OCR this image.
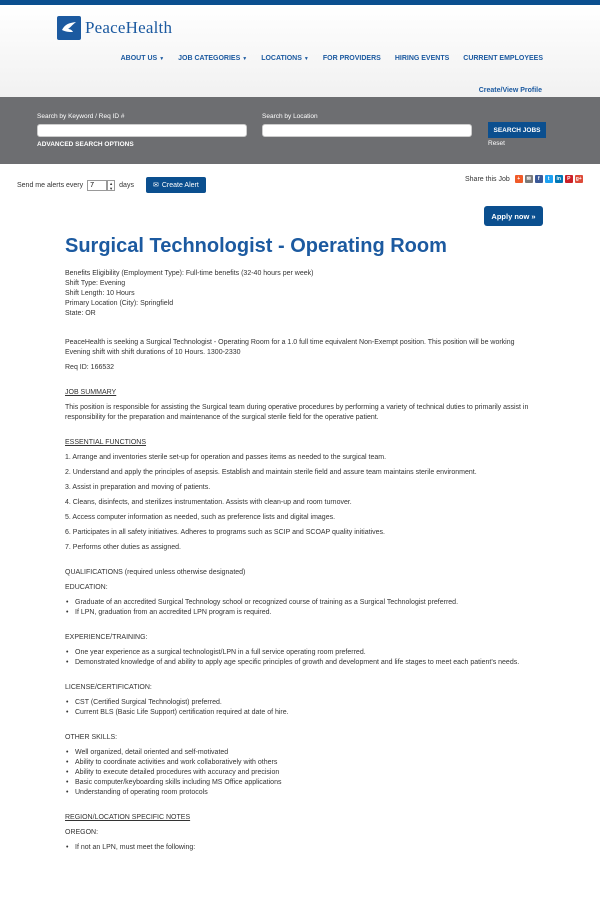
PeaceHealth
ABOUT US ▼ JOB CATEGORIES ▼ LOCATIONS ▼ FOR PROVIDERS HIRING EVENTS CURRENT EMPLOYEES
Create/View Profile
Search by Keyword / Req ID #	Search by Location
SEARCH JOBS
Reset
ADVANCED SEARCH OPTIONS
Send me alerts every
7	▲
▼ days	✉ Create Alert
Share this Job	+	✉	f	t	in	P	g+
Apply now »
Surgical Technologist - Operating Room

Benefits Eligibility (Employment Type): Full-time benefits (32-40 hours per week)

Shift Type: Evening

Shift Length: 10 Hours

Primary Location (City): Springfield

State: OR

PeaceHealth is seeking a Surgical Technologist - Operating Room for a 1.0 full time equivalent Non-Exempt position. This position will be working Evening shift with shift durations of 10 Hours. 1300-2330

Req ID: 166532

JOB SUMMARY

This position is responsible for assisting the Surgical team during operative procedures by performing a variety of technical duties to primarily assist in responsibility for the preparation and maintenance of the surgical sterile field for the operative patient.

ESSENTIAL FUNCTIONS

1. Arrange and inventories sterile set-up for operation and passes items as needed to the surgical team.

2. Understand and apply the principles of asepsis. Establish and maintain sterile field and assure team maintains sterile environment.

3. Assist in preparation and moving of patients.

4. Cleans, disinfects, and sterilizes instrumentation. Assists with clean-up and room turnover.

5. Access computer information as needed, such as preference lists and digital images.

6. Participates in all safety initiatives. Adheres to programs such as SCIP and SCOAP quality initiatives.

7. Performs other duties as assigned.

QUALIFICATIONS (required unless otherwise designated)

EDUCATION:

• Graduate of an accredited Surgical Technology school or recognized course of training as a Surgical Technologist preferred.
• If LPN, graduation from an accredited LPN program is required.

EXPERIENCE/TRAINING:

• One year experience as a surgical technologist/LPN in a full service operating room preferred.
• Demonstrated knowledge of and ability to apply age specific principles of growth and development and life stages to meet each patient's needs.

LICENSE/CERTIFICATION:

• CST (Certified Surgical Technologist) preferred.
• Current BLS (Basic Life Support) certification required at date of hire.

OTHER SKILLS:

• Well organized, detail oriented and self-motivated
• Ability to coordinate activities and work collaboratively with others
• Ability to execute detailed procedures with accuracy and precision
• Basic computer/keyboarding skills including MS Office applications
• Understanding of operating room protocols

REGION/LOCATION SPECIFIC NOTES

OREGON:

• If not an LPN, must meet the following:
